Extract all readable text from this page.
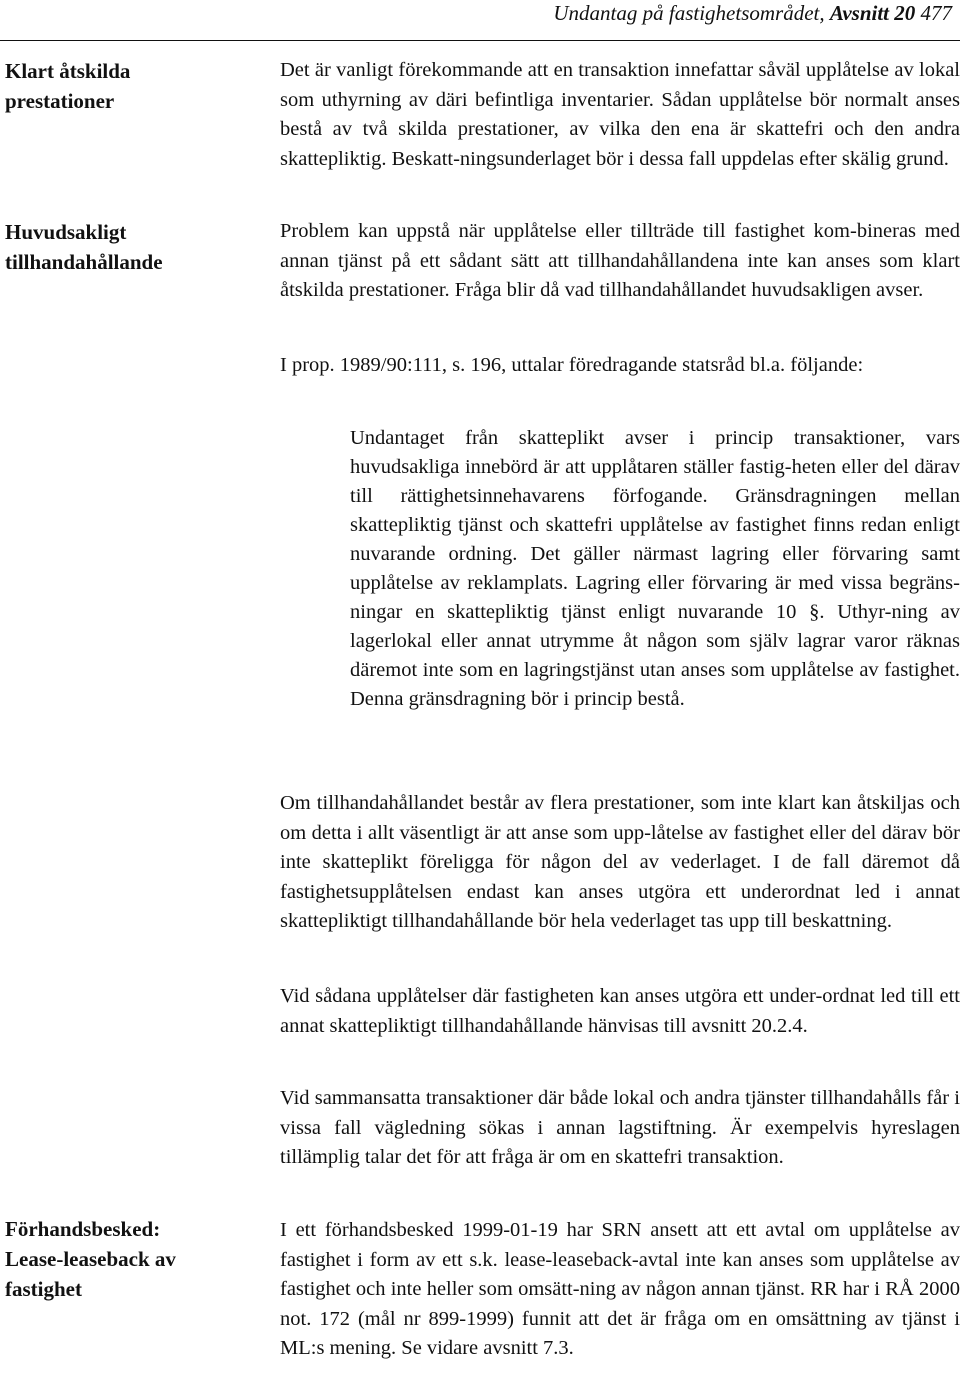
Undantag på fastighetsområdet, Avsnitt 20 477
Klart åtskilda
prestationer
Huvudsakligt
tillhandahållande
Förhandsbesked:
Lease-leaseback av
fastighet

Det är vanligt förekommande att en transaktion innefattar såväl upplåtelse av lokal som uthyrning av däri befintliga inventarier. Sådan upplåtelse bör normalt anses bestå av två skilda prestationer, av vilka den ena är skattefri och den andra skattepliktig. Beskatt-ningsunderlaget bör i dessa fall uppdelas efter skälig grund.

Problem kan uppstå när upplåtelse eller tillträde till fastighet kom-bineras med annan tjänst på ett sådant sätt att tillhandahållandena inte kan anses som klart åtskilda prestationer. Fråga blir då vad tillhandahållandet huvudsakligen avser.

I prop. 1989/90:111, s. 196, uttalar föredragande statsråd bl.a. följande:

Undantaget från skatteplikt avser i princip transaktioner, vars huvudsakliga innebörd är att upplåtaren ställer fastig-heten eller del därav till rättighetsinnehavarens förfogande. Gränsdragningen mellan skattepliktig tjänst och skattefri upplåtelse av fastighet finns redan enligt nuvarande ordning. Det gäller närmast lagring eller förvaring samt upplåtelse av reklamplats. Lagring eller förvaring är med vissa begräns-ningar en skattepliktig tjänst enligt nuvarande 10 §. Uthyr-ning av lagerlokal eller annat utrymme åt någon som själv lagrar varor räknas däremot inte som en lagringstjänst utan anses som upplåtelse av fastighet. Denna gränsdragning bör i princip bestå.

Om tillhandahållandet består av flera prestationer, som inte klart kan åtskiljas och om detta i allt väsentligt är att anse som upp-låtelse av fastighet eller del därav bör inte skatteplikt föreligga för någon del av vederlaget. I de fall däremot då fastighetsupplåtelsen endast kan anses utgöra ett underordnat led i annat skattepliktigt tillhandahållande bör hela vederlaget tas upp till beskattning.

Vid sådana upplåtelser där fastigheten kan anses utgöra ett under-ordnat led till ett annat skattepliktigt tillhandahållande hänvisas till avsnitt 20.2.4.

Vid sammansatta transaktioner där både lokal och andra tjänster tillhandahålls får i vissa fall vägledning sökas i annan lagstiftning. Är exempelvis hyreslagen tillämplig talar det för att fråga är om en skattefri transaktion.

I ett förhandsbesked 1999-01-19 har SRN ansett att ett avtal om upplåtelse av fastighet i form av ett s.k. lease-leaseback-avtal inte kan anses som upplåtelse av fastighet och inte heller som omsätt-ning av någon annan tjänst. RR har i RÅ 2000 not. 172 (mål nr 899-1999) funnit att det är fråga om en omsättning av tjänst i ML:s mening. Se vidare avsnitt 7.3.
